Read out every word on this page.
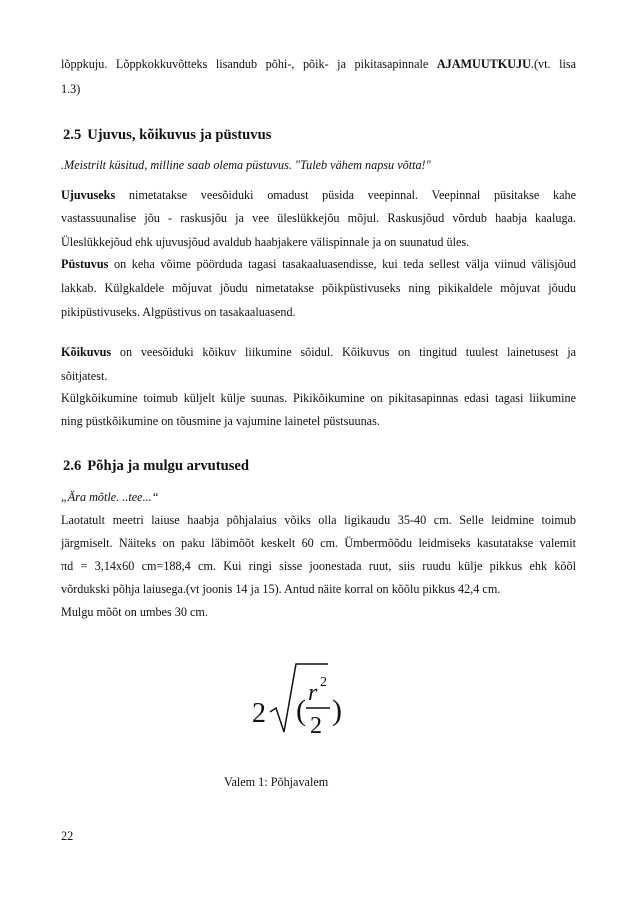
lõppkuju. Lõppkokkuvõtteks lisandub põhi-, põik- ja pikitasapinnale AJAMUUTKUJU.(vt. lisa
1.3)
2.5 Ujuvus, kõikuvus ja püstuvus
.Meistrilt küsitud, milline saab olema püstuvus. "Tuleb vähem napsu võtta!"
Ujuvuseks nimetatakse veesõiduki omadust püsida veepinnal. Veepinnal püsitakse kahe
vastassuunalise jõu - raskusjõu ja vee üleslükkejõu mõjul. Raskusjõud võrdub haabja kaaluga.
Üleslükkejõud ehk ujuvusjõud avaldub haabjakere välispinnale ja on suunatud üles.
Püstuvus on keha võime pöörduda tagasi tasakaaluasendisse, kui teda sellest välja viinud välisjõud
lakkab. Külgkaldele mõjuvat jõudu nimetatakse põikpüstivuseks ning pikikaldele mõjuvat jõudu
pikipüstivuseks. Algpüstivus on tasakaaluasend.
Kõikuvus on veesõiduki kõikuv liikumine sõidul. Kõikuvus on tingitud tuulest lainetusest ja
sõitjatest.
Külgkõikumine toimub küljelt külje suunas. Pikikõikumine on pikitasapinnas edasi tagasi liikumine
ning püstkõikumine on tõusmine ja vajumine lainetel püstsuunas.
2.6 Põhja ja mulgu arvutused
„Ära mõtle. ..tee...“
Laotatult meetri laiuse haabja põhjalaius võiks olla ligikaudu 35-40 cm. Selle leidmine toimub
järgmiselt. Näiteks on paku läbimõõt keskelt 60 cm. Ümbermõõdu leidmiseks kasutatakse valemit
πd = 3,14x60 cm=188,4 cm. Kui ringi sisse joonestada ruut, siis ruudu külje pikkus ehk kõõl
võrdukski põhja laiusega.(vt joonis 14 ja 15). Antud näite korral on kõõlu pikkus 42,4 cm.
Mulgu mõõt on umbes 30 cm.
2 (
r 2
2 )
Valem 1: Põhjavalem
22
